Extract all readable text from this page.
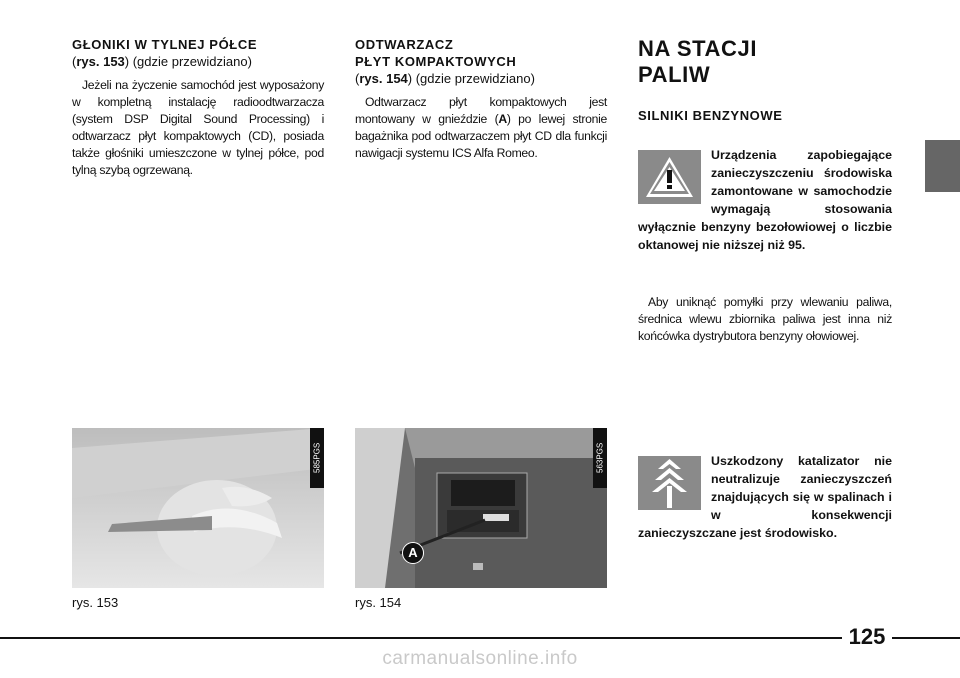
GŁONIKI W TYLNEJ PÓŁCE

(rys. 153) (gdzie przewidziano)

Jeżeli na życzenie samochód jest wyposażony w kompletną instalację radioodtwarzacza (system DSP Digital Sound Processing) i odtwarzacz płyt kompaktowych (CD), posiada także głośniki umieszczone w tylnej półce, pod tylną szybą ogrzewaną.

ODTWARZACZ

PŁYT KOMPAKTOWYCH

(rys. 154) (gdzie przewidziano)

Odtwarzacz płyt kompaktowych jest montowany w gnieździe (A) po lewej stronie bagażnika pod odtwarzaczem płyt CD dla funkcji nawigacji systemu ICS Alfa Romeo.

NA STACJI

PALIW

SILNIKI BENZYNOWE

Urządzenia zapobiegające zanieczyszczeniu środowiska zamontowane w samochodzie wymagają stosowania wyłącznie benzyny bezołowiowej o liczbie oktanowej nie niższej niż 95.

Aby uniknąć pomyłki przy wlewaniu paliwa, średnica wlewu zbiornika paliwa jest inna niż końcówka dystrybutora benzyny ołowiowej.

Uszkodzony katalizator nie neutralizuje zanieczyszczeń znajdujących się w spalinach i w konsekwencji zanieczyszczane jest środowisko.

585PGS
rys. 153
A
563PGS
rys. 154
125
carmanualsonline.info
